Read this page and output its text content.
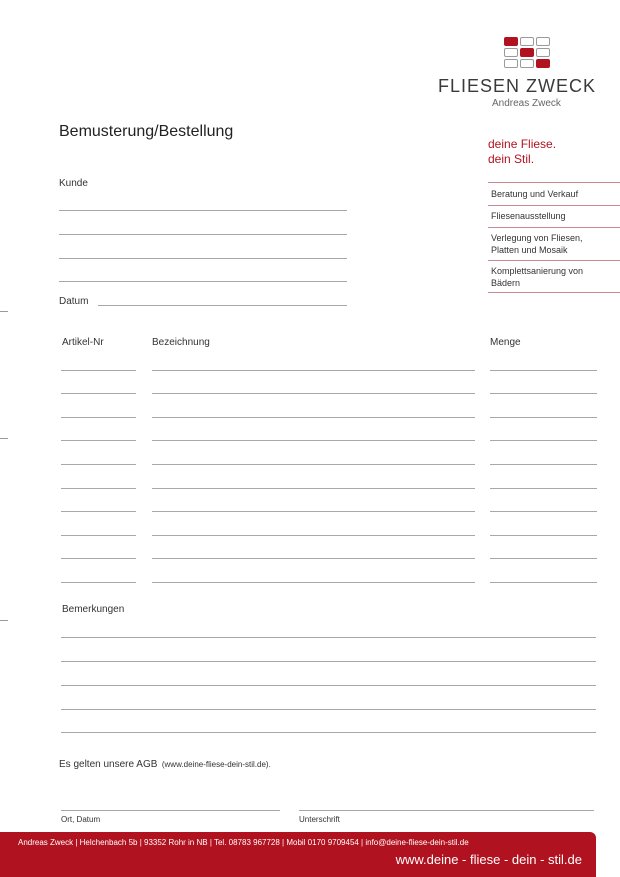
FLIESEN ZWECK
Andreas Zweck
deine Fliese.
dein Stil.
Beratung und Verkauf
Fliesenausstellung
Verlegung von Fliesen,
Platten und Mosaik
Komplettsanierung von
Bädern
Bemusterung/Bestellung
Kunde
Datum
Artikel-Nr	Bezeichnung	Menge
Bemerkungen
Es gelten unsere AGB (www.deine-fliese-dein-stil.de).
Ort, Datum	Unterschrift
Andreas Zweck | Helchenbach 5b | 93352 Rohr in NB | Tel. 08783 967728 | Mobil 0170 9709454 | info@deine-fliese-dein-stil.de
www.deine - fliese - dein - stil.de
